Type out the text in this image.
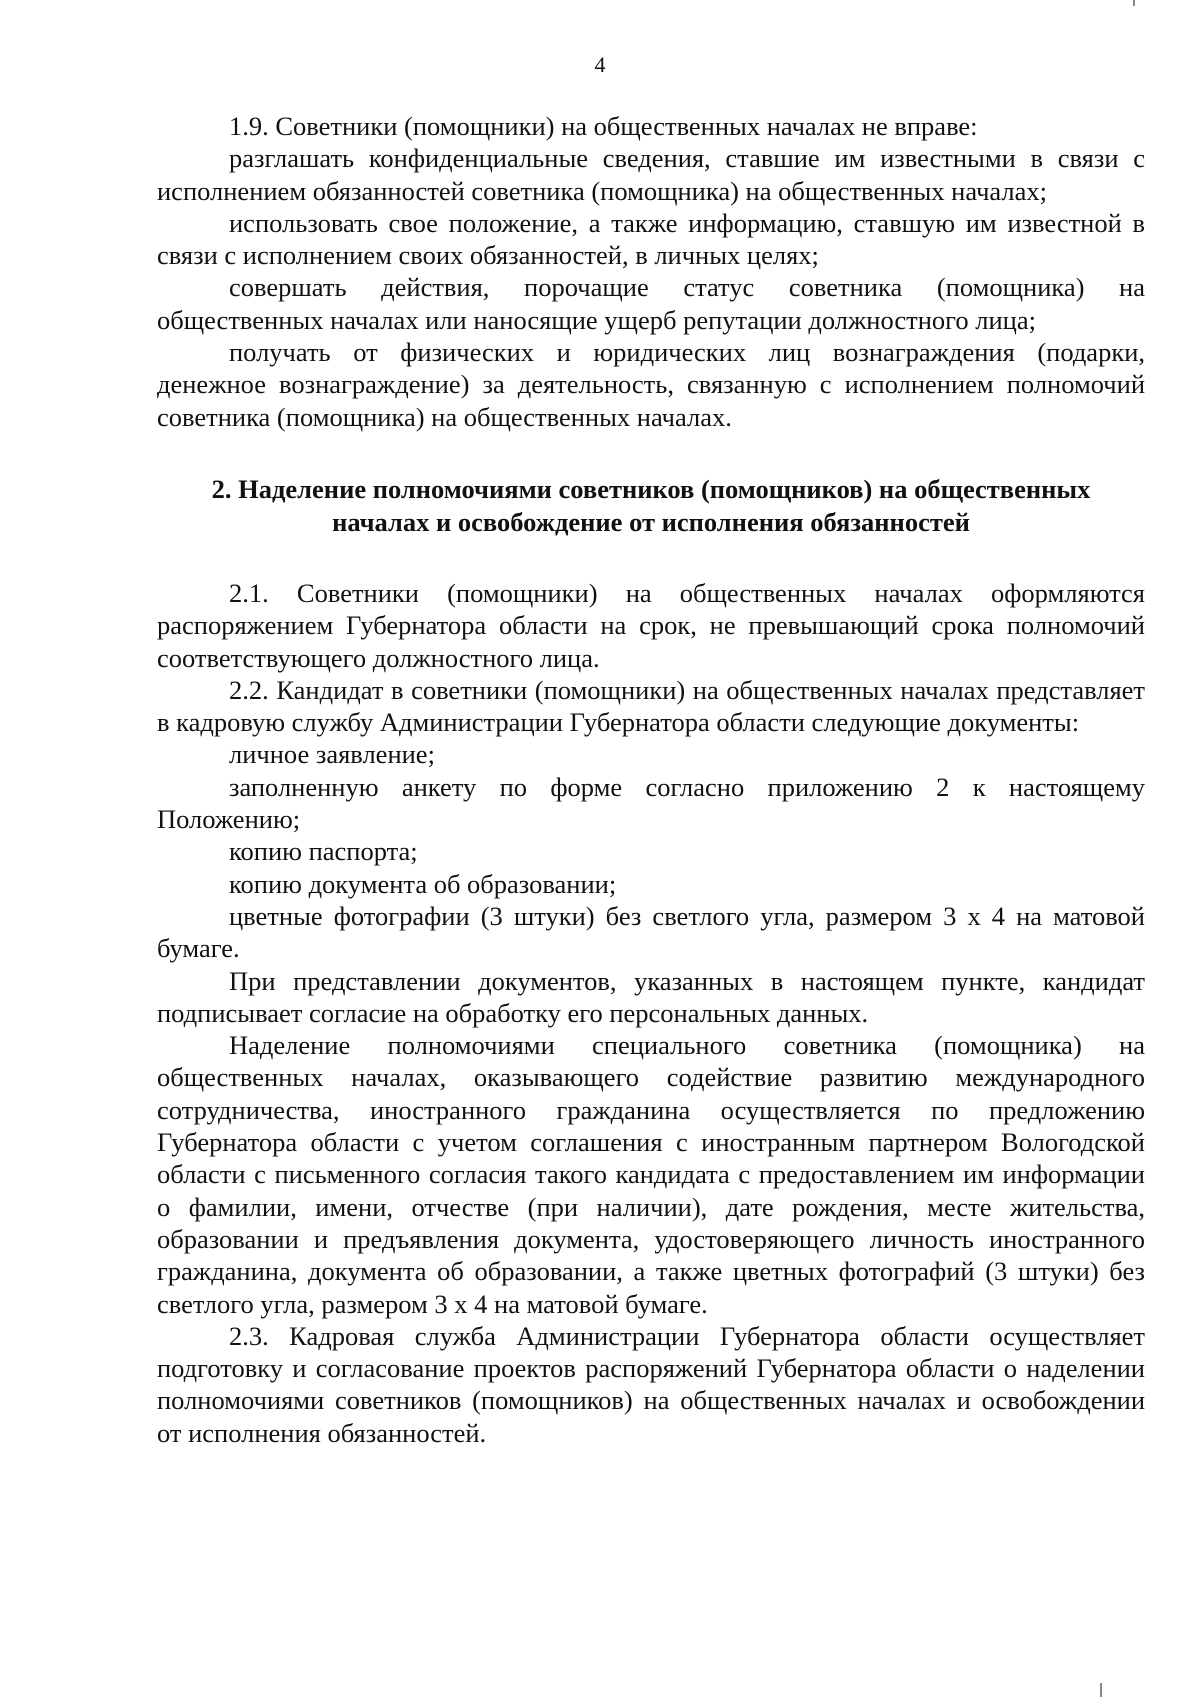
4

1.9. Советники (помощники) на общественных началах не вправе:

разглашать конфиденциальные сведения, ставшие им известными в связи с исполнением обязанностей советника (помощника) на общественных началах;

использовать свое положение, а также информацию, ставшую им известной в связи с исполнением своих обязанностей, в личных целях;

совершать действия, порочащие статус советника (помощника) на общественных началах или наносящие ущерб репутации должностного лица;

получать от физических и юридических лиц вознаграждения (подарки, денежное вознаграждение) за деятельность, связанную с исполнением полномочий советника (помощника) на общественных началах.

2. Наделение полномочиями советников (помощников) на общественных
началах и освобождение от исполнения обязанностей

2.1. Советники (помощники) на общественных началах оформляются распоряжением Губернатора области на срок, не превышающий срока полномочий соответствующего должностного лица.

2.2. Кандидат в советники (помощники) на общественных началах представляет в кадровую службу Администрации Губернатора области следующие документы:

личное заявление;

заполненную анкету по форме согласно приложению 2 к настоящему Положению;

копию паспорта;

копию документа об образовании;

цветные фотографии (3 штуки) без светлого угла, размером 3 х 4 на матовой бумаге.

При представлении документов, указанных в настоящем пункте, кандидат подписывает согласие на обработку его персональных данных.

Наделение полномочиями специального советника (помощника) на общественных началах, оказывающего содействие развитию международного сотрудничества, иностранного гражданина осуществляется по предложению Губернатора области с учетом соглашения с иностранным партнером Вологодской области с письменного согласия такого кандидата с предоставлением им информации о фамилии, имени, отчестве (при наличии), дате рождения, месте жительства, образовании и предъявления документа, удостоверяющего личность иностранного гражданина, документа об образовании, а также цветных фотографий (3 штуки) без светлого угла, размером 3 х 4 на матовой бумаге.

2.3. Кадровая служба Администрации Губернатора области осуществляет подготовку и согласование проектов распоряжений Губернатора области о наделении полномочиями советников (помощников) на общественных началах и освобождении от исполнения обязанностей.
